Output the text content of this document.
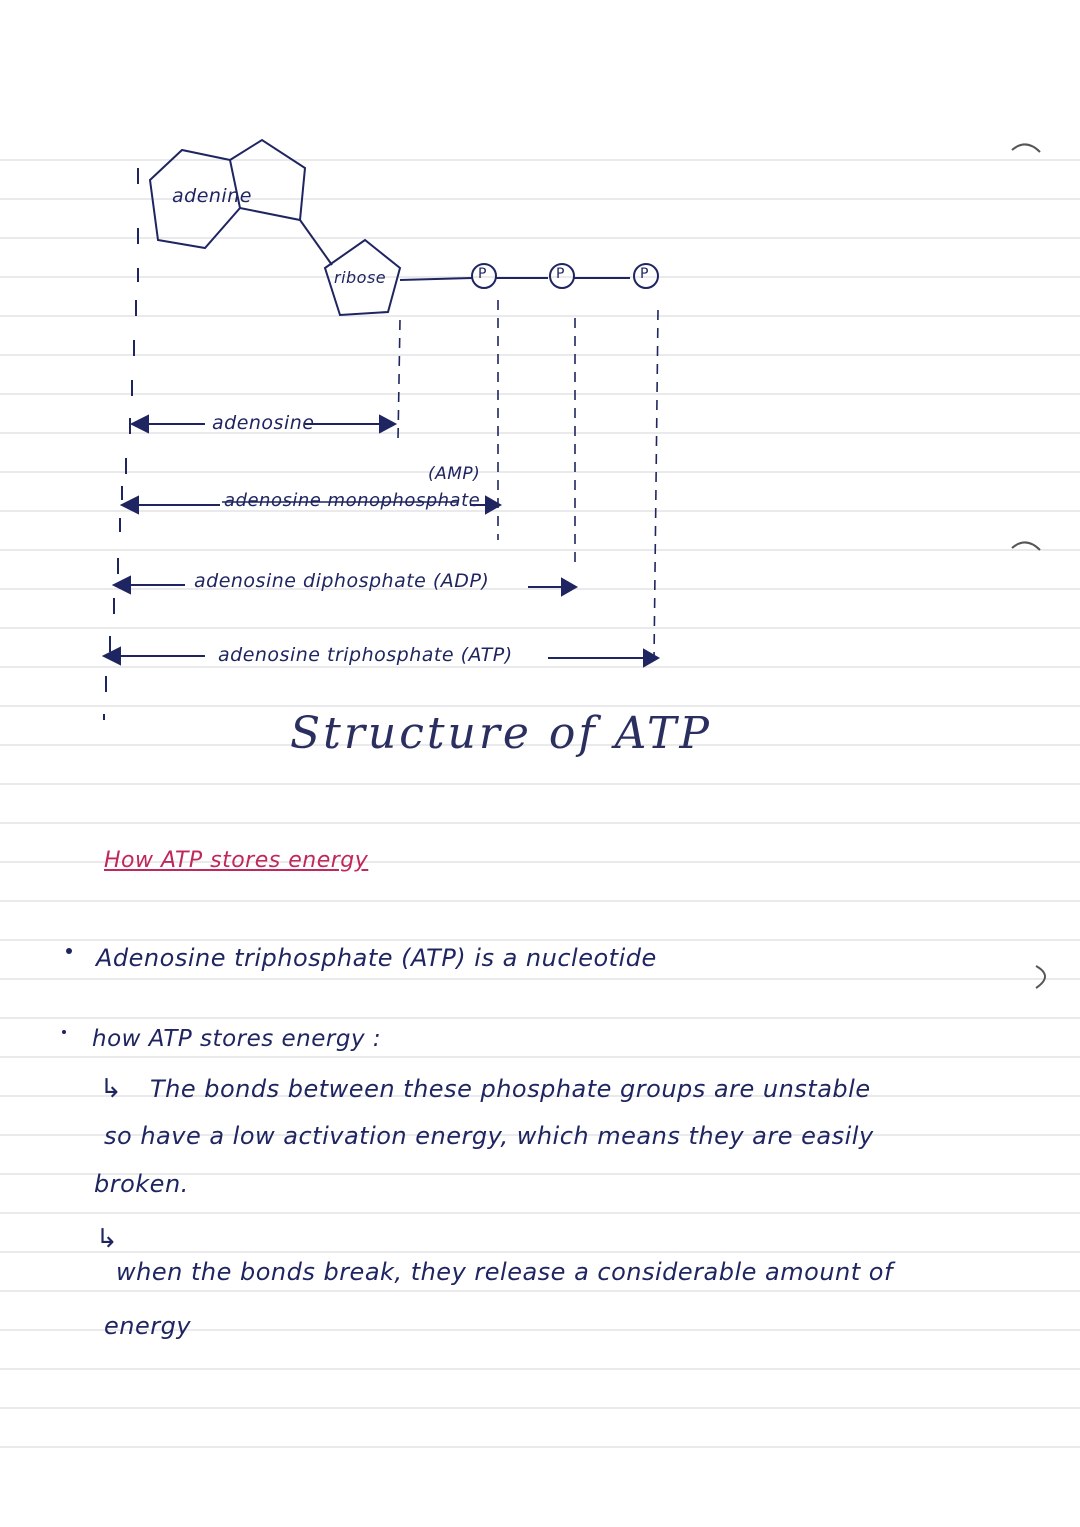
adenine
ribose	P	P	P
adenosine
(AMP)
adenosine monophosphate
adenosine diphosphate (ADP)
adenosine triphosphate (ATP)
Structure of ATP
How ATP stores energy
Adenosine triphosphate (ATP) is a nucleotide
how ATP stores energy :
↳ The bonds between these phosphate groups are unstable
so have a low activation energy, which means they are easily
broken.
↳
when the bonds break, they release a considerable amount of
energy
